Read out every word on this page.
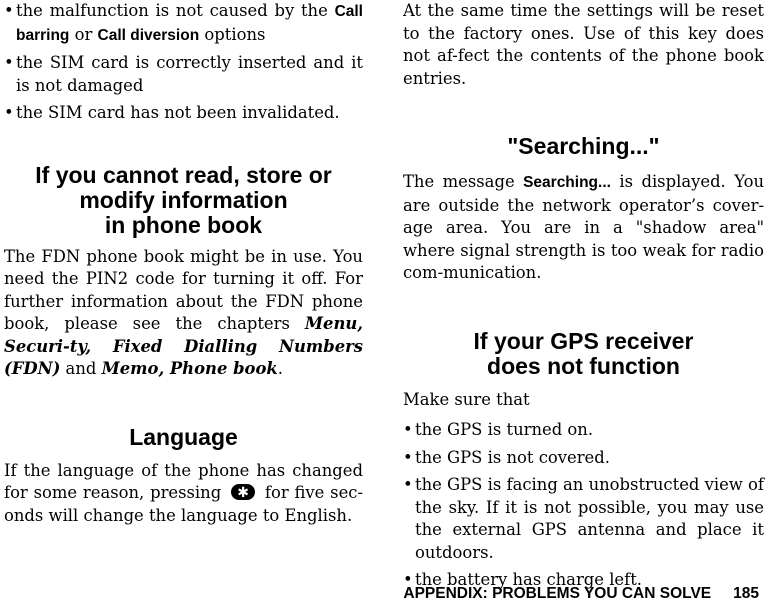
• the malfunction is not caused by the Call barring or Call diversion options
• the SIM card is correctly inserted and it is not damaged
• the SIM card has not been invalidated.
If you cannot read, store or
modify information
in phone book

The FDN phone book might be in use. You need the PIN2 code for turning it off. For further information about the FDN phone book, please see the chapters Menu, Securi-ty, Fixed Dialling Numbers (FDN) and Memo, Phone book.

Language

If the language of the phone has changed for some reason, pressing ✱	for five sec-onds will change the language to English.

At the same time the settings will be reset to the factory ones. Use of this key does not af-fect the contents of the phone book entries.

"Searching..."

The message Searching... is displayed. You are outside the network operator’s cover-age area. You are in a "shadow area" where signal strength is too weak for radio com-munication.

If your GPS receiver
does not function

Make sure that

• the GPS is turned on.
• the GPS is not covered.
• the GPS is facing an unobstructed view of the sky. If it is not possible, you may use the external GPS antenna and place it outdoors.
• the battery has charge left.
APPENDIX: PROBLEMS YOU CAN SOLVE 185
